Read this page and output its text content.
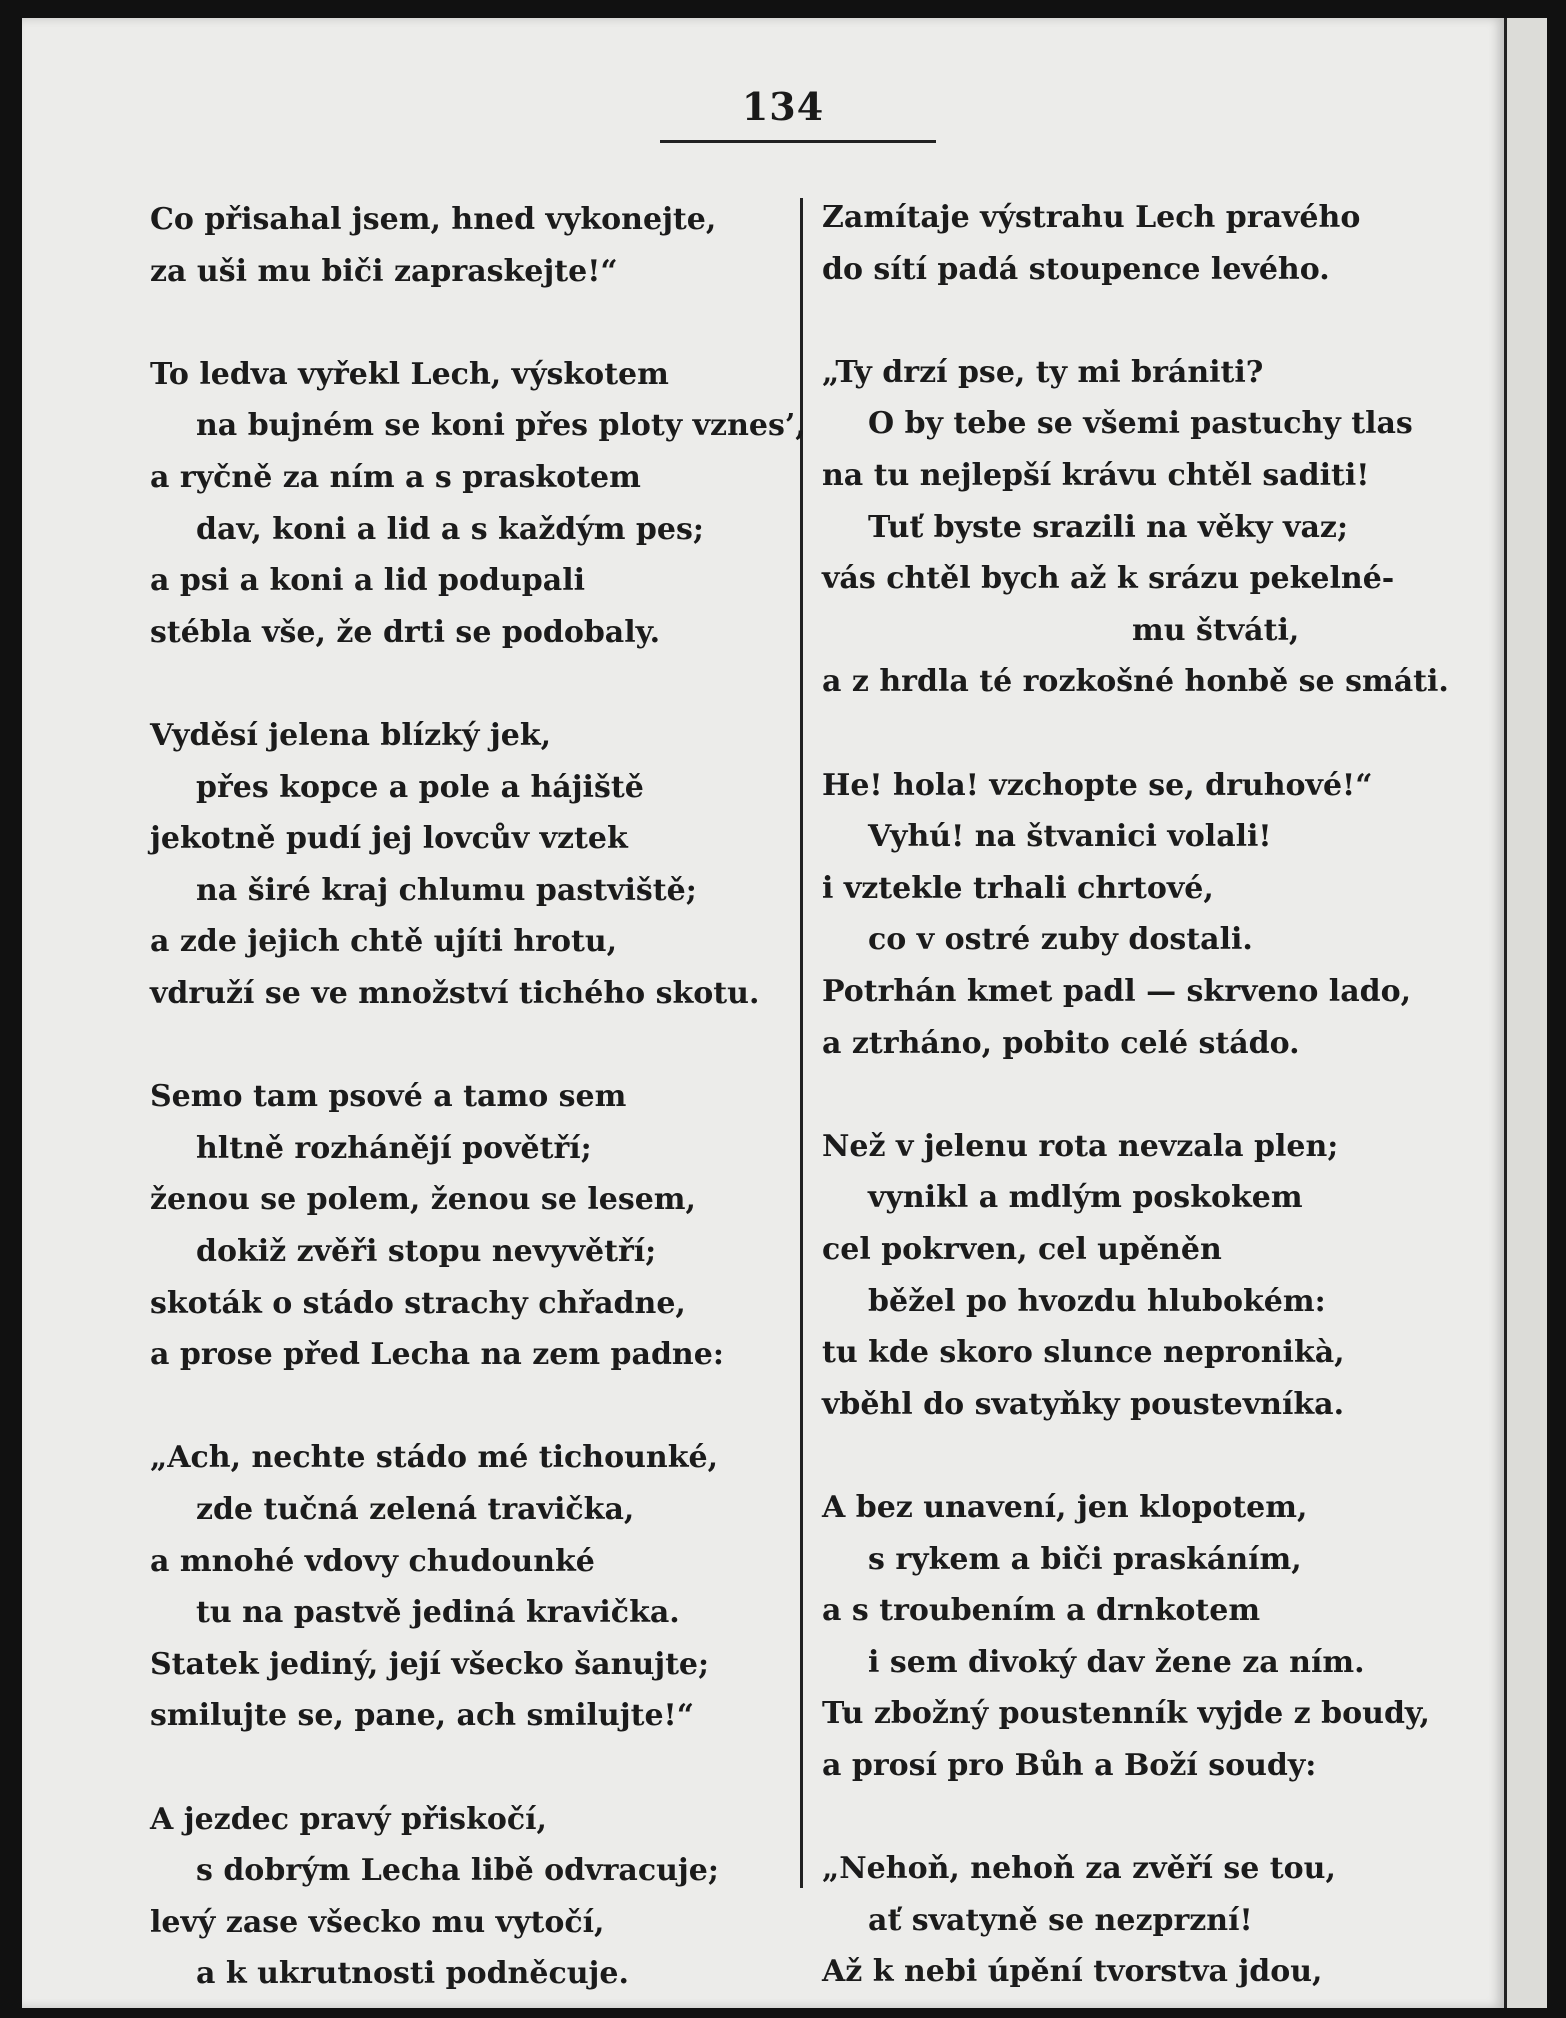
134
Co přisahal jsem, hned vykonejte,
za uši mu biči zapraskejte!“
To ledva vyřekl Lech, výskotem
na bujném se koni přes ploty vznes’,
a ryčně za ním a s praskotem
dav, koni a lid a s každým pes;
a psi a koni a lid podupali
stébla vše, že drti se podobaly.
Vyděsí jelena blízký jek,
přes kopce a pole a hájiště
jekotně pudí jej lovcův vztek
na širé kraj chlumu pastviště;
a zde jejich chtě ujíti hrotu,
vdruží se ve množství tichého skotu.
Semo tam psové a tamo sem
hltně rozhánějí povětří;
ženou se polem, ženou se lesem,
dokiž zvěři stopu nevyvětří;
skoták o stádo strachy chřadne,
a prose před Lecha na zem padne:
„Ach, nechte stádo mé tichounké,
zde tučná zelená travička,
a mnohé vdovy chudounké
tu na pastvě jediná kravička.
Statek jediný, její všecko šanujte;
smilujte se, pane, ach smilujte!“
A jezdec pravý přiskočí,
s dobrým Lecha libě odvracuje;
levý zase všecko mu vytočí,
a k ukrutnosti podněcuje.
Zamítaje výstrahu Lech pravého
do sítí padá stoupence levého.
„Ty drzí pse, ty mi brániti?
O by tebe se všemi pastuchy tlas
na tu nejlepší krávu chtěl saditi!
Tuť byste srazili na věky vaz;
vás chtěl bych až k srázu pekelné-
mu štváti,
a z hrdla té rozkošné honbě se smáti.
He! hola! vzchopte se, druhové!“
Vyhú! na štvanici volali!
i vztekle trhali chrtové,
co v ostré zuby dostali.
Potrhán kmet padl — skrveno lado,
a ztrháno, pobito celé stádo.
Než v jelenu rota nevzala plen;
vynikl a mdlým poskokem
cel pokrven, cel upěněn
běžel po hvozdu hlubokém:
tu kde skoro slunce nepronikà,
vběhl do svatyňky poustevníka.
A bez unavení, jen klopotem,
s rykem a biči praskáním,
a s troubením a drnkotem
i sem divoký dav žene za ním.
Tu zbožný poustenník vyjde z boudy,
a prosí pro Bůh a Boží soudy:
„Nehoň, nehoň za zvěří se tou,
ať svatyně se nezprzní!
Až k nebi úpění tvorstva jdou,
